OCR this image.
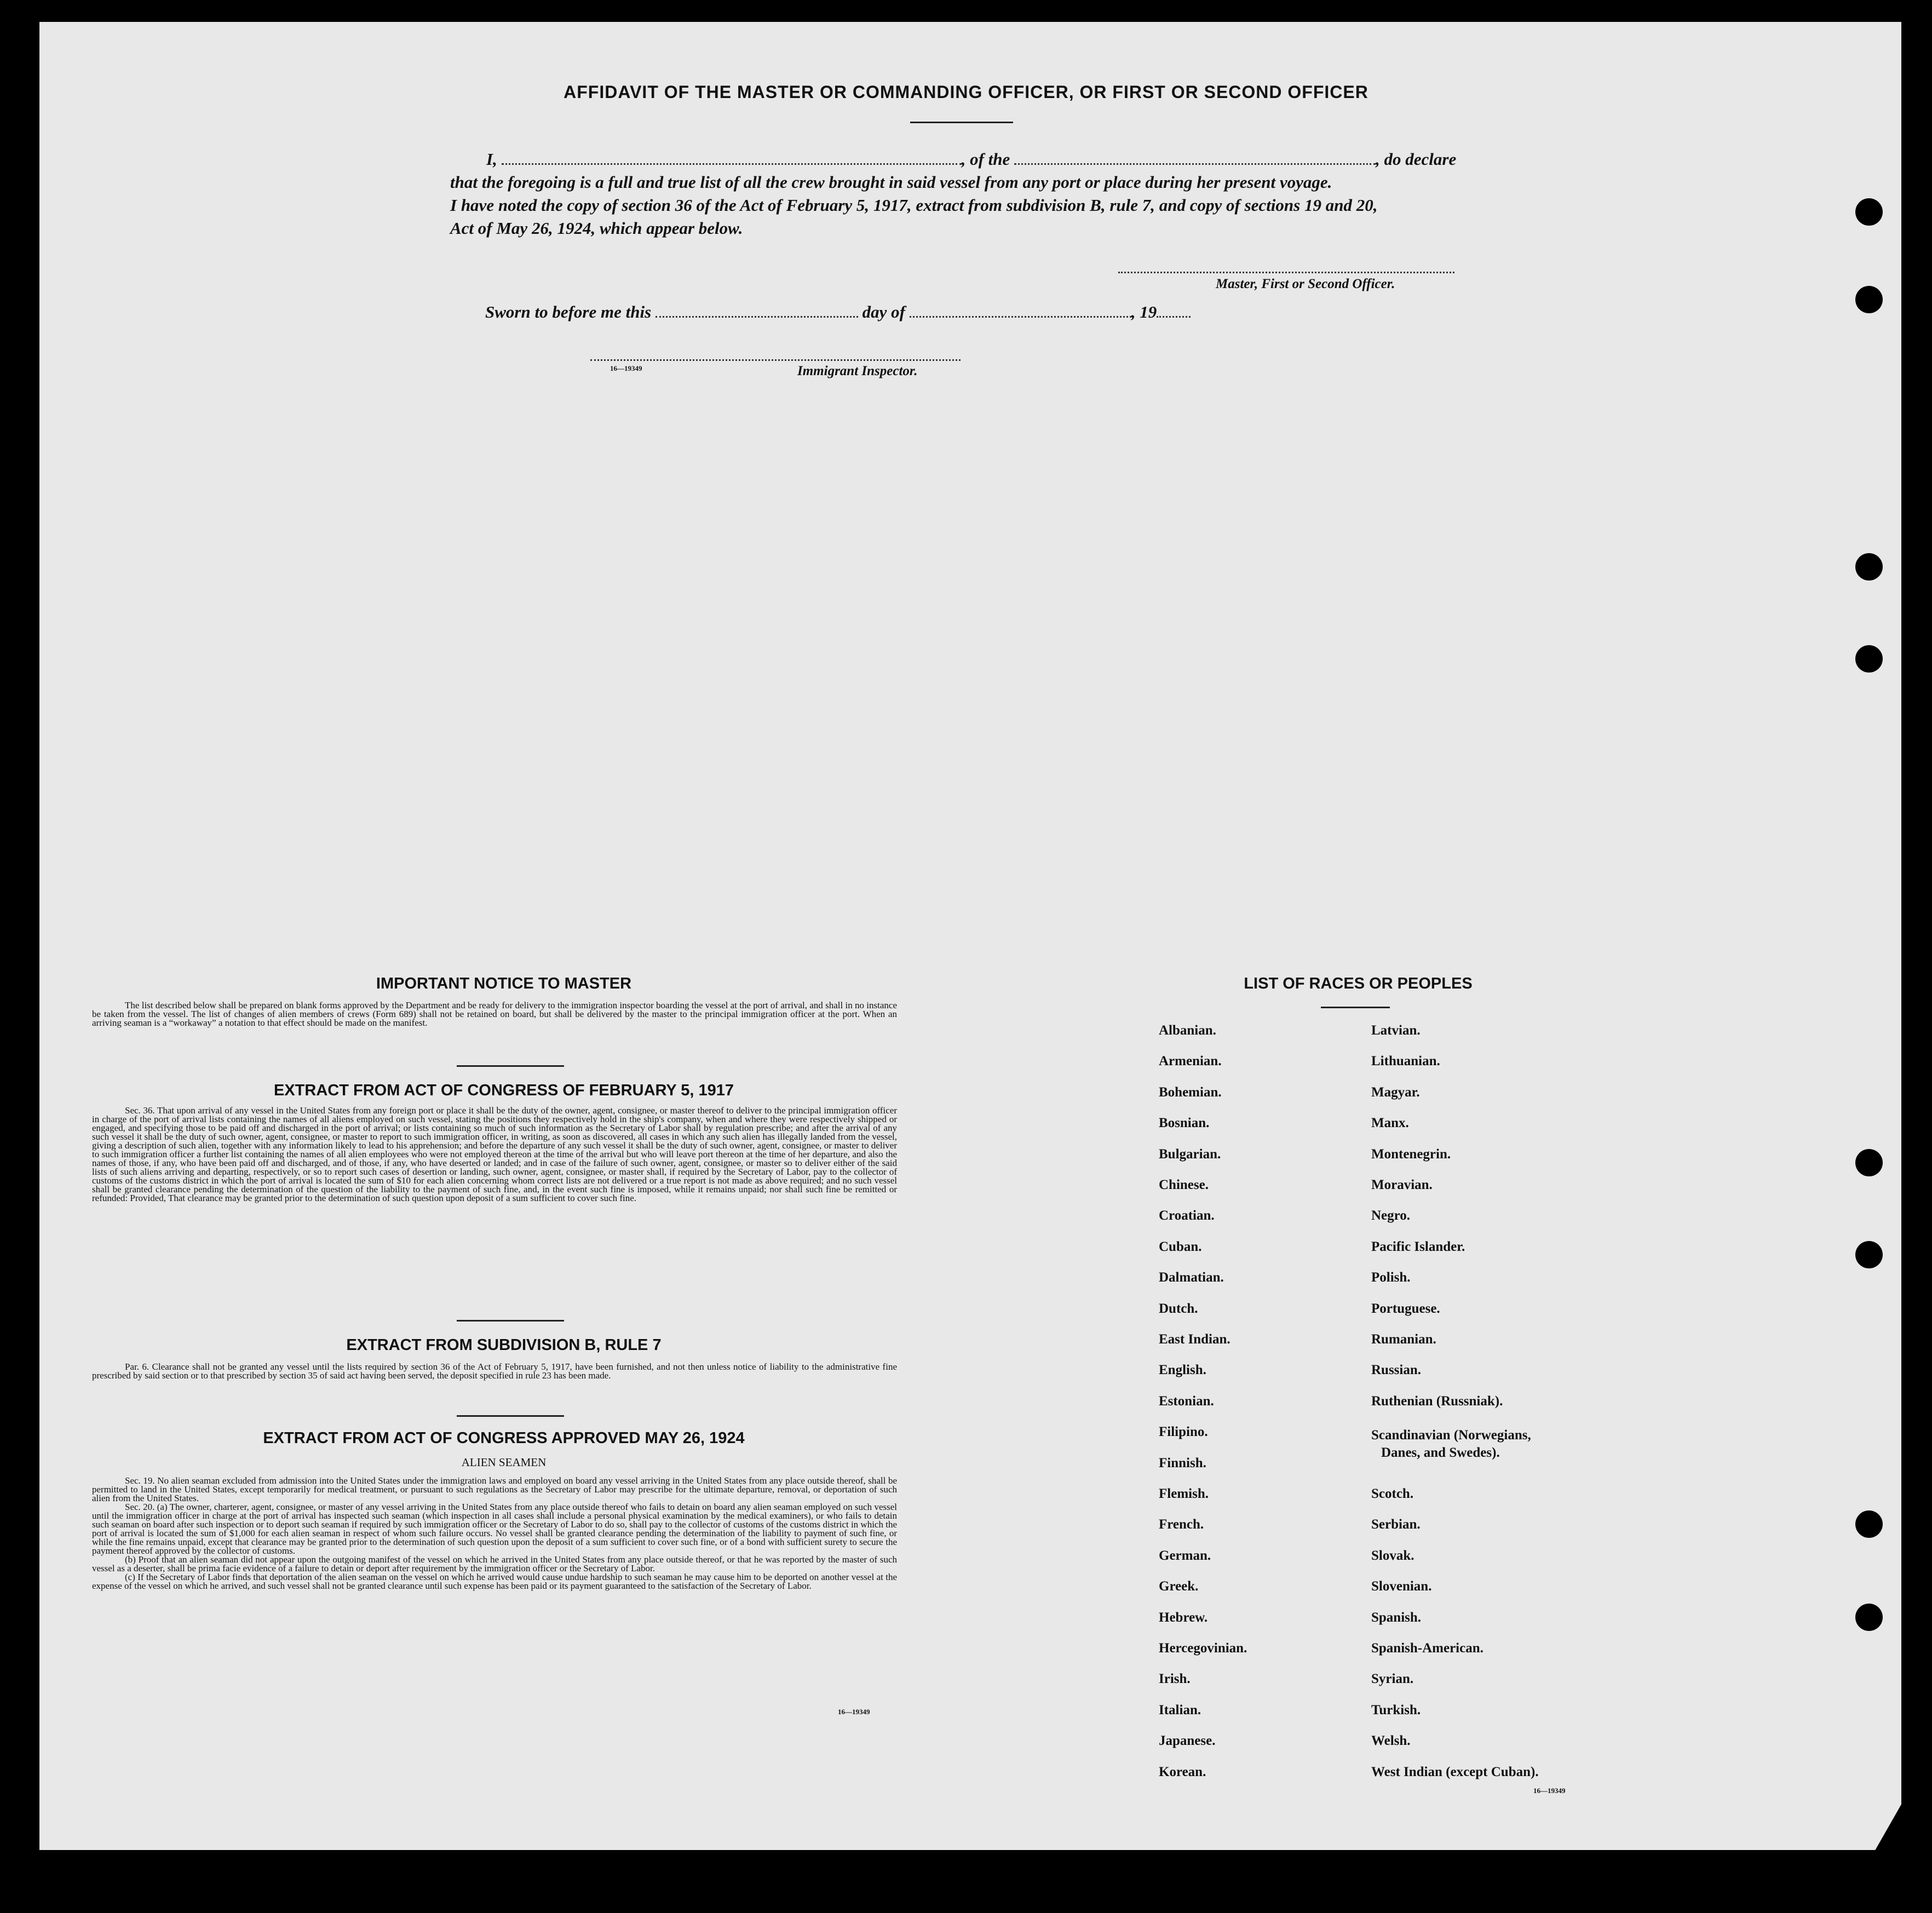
AFFIDAVIT OF THE MASTER OR COMMANDING OFFICER, OR FIRST OR SECOND OFFICER

I,	, of the	, do declare

that the foregoing is a full and true list of all the crew brought in said vessel from any port or place during her present voyage.

I have noted the copy of section 36 of the Act of February 5, 1917, extract from subdivision B, rule 7, and copy of sections 19 and 20,

Act of May 26, 1924, which appear below.

Master, First or Second Officer.
Sworn to before me this	day of	, 19
16—19349	Immigrant Inspector.
IMPORTANT NOTICE TO MASTER

The list described below shall be prepared on blank forms approved by the Department and be ready for delivery to the immigration inspector boarding the vessel at the port of arrival, and shall in no instance be taken from the vessel. The list of changes of alien members of crews (Form 689) shall not be retained on board, but shall be delivered by the master to the principal immigration officer at the port. When an arriving seaman is a “workaway” a notation to that effect should be made on the manifest.

EXTRACT FROM ACT OF CONGRESS OF FEBRUARY 5, 1917

Sec. 36. That upon arrival of any vessel in the United States from any foreign port or place it shall be the duty of the owner, agent, consignee, or master thereof to deliver to the principal immigration officer in charge of the port of arrival lists containing the names of all aliens employed on such vessel, stating the positions they respectively hold in the ship's company, when and where they were respectively shipped or engaged, and specifying those to be paid off and discharged in the port of arrival; or lists containing so much of such information as the Secretary of Labor shall by regulation prescribe; and after the arrival of any such vessel it shall be the duty of such owner, agent, consignee, or master to report to such immigration officer, in writing, as soon as discovered, all cases in which any such alien has illegally landed from the vessel, giving a description of such alien, together with any information likely to lead to his apprehension; and before the departure of any such vessel it shall be the duty of such owner, agent, consignee, or master to deliver to such immigration officer a further list containing the names of all alien employees who were not employed thereon at the time of the arrival but who will leave port thereon at the time of her departure, and also the names of those, if any, who have been paid off and discharged, and of those, if any, who have deserted or landed; and in case of the failure of such owner, agent, consignee, or master so to deliver either of the said lists of such aliens arriving and departing, respectively, or so to report such cases of desertion or landing, such owner, agent, consignee, or master shall, if required by the Secretary of Labor, pay to the collector of customs of the customs district in which the port of arrival is located the sum of $10 for each alien concerning whom correct lists are not delivered or a true report is not made as above required; and no such vessel shall be granted clearance pending the determination of the question of the liability to the payment of such fine, and, in the event such fine is imposed, while it remains unpaid; nor shall such fine be remitted or refunded: Provided, That clearance may be granted prior to the determination of such question upon deposit of a sum sufficient to cover such fine.

EXTRACT FROM SUBDIVISION B, RULE 7

Par. 6. Clearance shall not be granted any vessel until the lists required by section 36 of the Act of February 5, 1917, have been furnished, and not then unless notice of liability to the administrative fine prescribed by said section or to that prescribed by section 35 of said act having been served, the deposit specified in rule 23 has been made.

EXTRACT FROM ACT OF CONGRESS APPROVED MAY 26, 1924
ALIEN SEAMEN

Sec. 19. No alien seaman excluded from admission into the United States under the immigration laws and employed on board any vessel arriving in the United States from any place outside thereof, shall be permitted to land in the United States, except temporarily for medical treatment, or pursuant to such regulations as the Secretary of Labor may prescribe for the ultimate departure, removal, or deportation of such alien from the United States.

Sec. 20. (a) The owner, charterer, agent, consignee, or master of any vessel arriving in the United States from any place outside thereof who fails to detain on board any alien seaman employed on such vessel until the immigration officer in charge at the port of arrival has inspected such seaman (which inspection in all cases shall include a personal physical examination by the medical examiners), or who fails to detain such seaman on board after such inspection or to deport such seaman if required by such immigration officer or the Secretary of Labor to do so, shall pay to the collector of customs of the customs district in which the port of arrival is located the sum of $1,000 for each alien seaman in respect of whom such failure occurs. No vessel shall be granted clearance pending the determination of the liability to payment of such fine, or while the fine remains unpaid, except that clearance may be granted prior to the determination of such question upon the deposit of a sum sufficient to cover such fine, or of a bond with sufficient surety to secure the payment thereof approved by the collector of customs.

(b) Proof that an alien seaman did not appear upon the outgoing manifest of the vessel on which he arrived in the United States from any place outside thereof, or that he was reported by the master of such vessel as a deserter, shall be prima facie evidence of a failure to detain or deport after requirement by the immigration officer or the Secretary of Labor.

(c) If the Secretary of Labor finds that deportation of the alien seaman on the vessel on which he arrived would cause undue hardship to such seaman he may cause him to be deported on another vessel at the expense of the vessel on which he arrived, and such vessel shall not be granted clearance until such expense has been paid or its payment guaranteed to the satisfaction of the Secretary of Labor.

16—19349
LIST OF RACES OR PEOPLES
16—19349
Albanian.
Armenian.
Bohemian.
Bosnian.
Bulgarian.
Chinese.
Croatian.
Cuban.
Dalmatian.
Dutch.
East Indian.
English.
Estonian.
Filipino.
Finnish.
Flemish.
French.
German.
Greek.
Hebrew.
Hercegovinian.
Irish.
Italian.
Japanese.
Korean.
Latvian.
Lithuanian.
Magyar.
Manx.
Montenegrin.
Moravian.
Negro.
Pacific Islander.
Polish.
Portuguese.
Rumanian.
Russian.
Ruthenian (Russniak).
Scandinavian (Norwegians,
Danes, and Swedes).
Scotch.
Serbian.
Slovak.
Slovenian.
Spanish.
Spanish-American.
Syrian.
Turkish.
Welsh.
West Indian (except Cuban).
